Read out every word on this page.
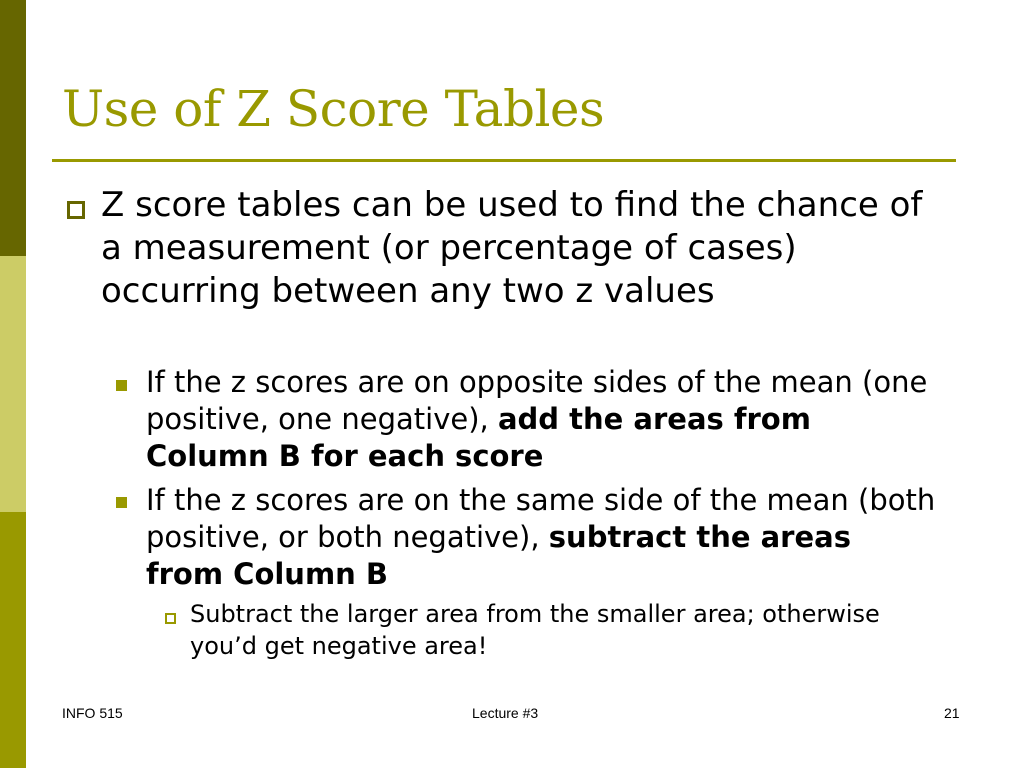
Use of Z Score Tables
Z score tables can be used to find the chance of a measurement (or percentage of cases) occurring between any two z values
If the z scores are on opposite sides of the mean (one positive, one negative), add the areas from Column B for each score
If the z scores are on the same side of the mean (both positive, or both negative), subtract the areas from Column B
Subtract the larger area from the smaller area; otherwise you’d get negative area!
INFO 515	Lecture #3	21
